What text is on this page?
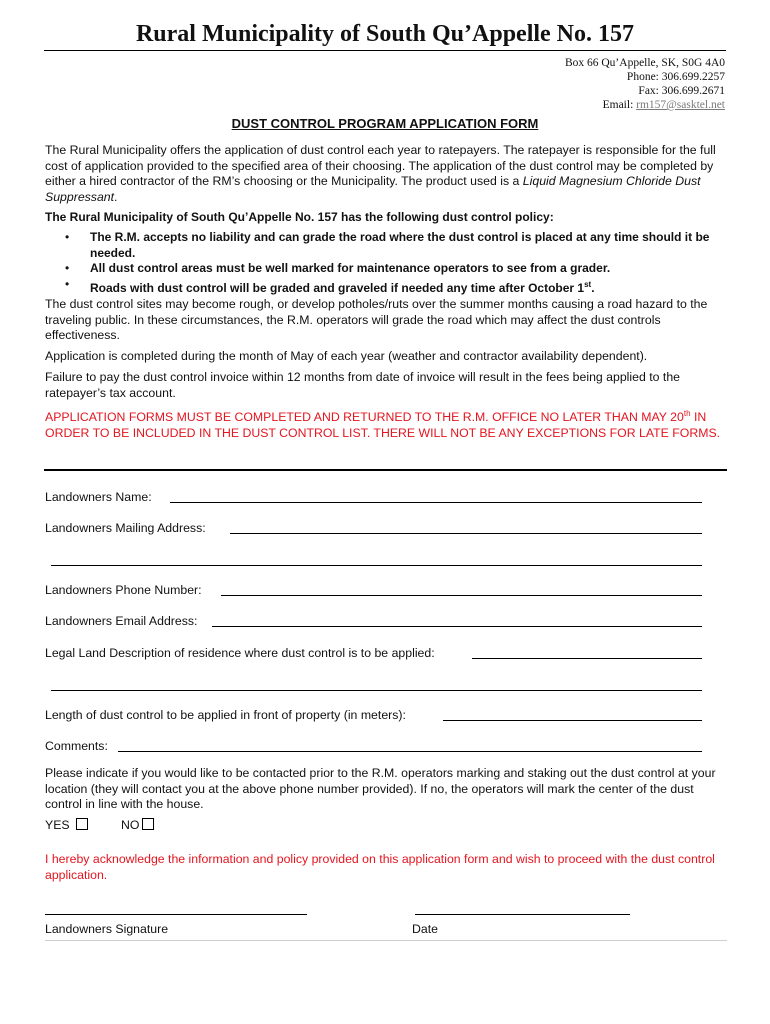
Rural Municipality of South Qu’Appelle No. 157
Box 66 Qu’Appelle, SK, S0G 4A0
Phone: 306.699.2257
Fax: 306.699.2671
Email: rm157@sasktel.net
DUST CONTROL PROGRAM APPLICATION FORM
The Rural Municipality offers the application of dust control each year to ratepayers. The ratepayer is responsible for the full cost of application provided to the specified area of their choosing. The application of the dust control may be completed by either a hired contractor of the RM’s choosing or the Municipality. The product used is a Liquid Magnesium Chloride Dust Suppressant.
The Rural Municipality of South Qu’Appelle No. 157 has the following dust control policy:
• The R.M. accepts no liability and can grade the road where the dust control is placed at any time should it be needed.
• All dust control areas must be well marked for maintenance operators to see from a grader.
• Roads with dust control will be graded and graveled if needed any time after October 1st.
The dust control sites may become rough, or develop potholes/ruts over the summer months causing a road hazard to the traveling public. In these circumstances, the R.M. operators will grade the road which may affect the dust controls effectiveness.
Application is completed during the month of May of each year (weather and contractor availability dependent).
Failure to pay the dust control invoice within 12 months from date of invoice will result in the fees being applied to the ratepayer’s tax account.
APPLICATION FORMS MUST BE COMPLETED AND RETURNED TO THE R.M. OFFICE NO LATER THAN MAY 20th IN ORDER TO BE INCLUDED IN THE DUST CONTROL LIST. THERE WILL NOT BE ANY EXCEPTIONS FOR LATE FORMS.
Landowners Name:
Landowners Mailing Address:
Landowners Phone Number:
Landowners Email Address:
Legal Land Description of residence where dust control is to be applied:
Length of dust control to be applied in front of property (in meters):
Comments:
Please indicate if you would like to be contacted prior to the R.M. operators marking and staking out the dust control at your location (they will contact you at the above phone number provided). If no, the operators will mark the center of the dust control in line with the house.
YES	NO
I hereby acknowledge the information and policy provided on this application form and wish to proceed with the dust control application.
Landowners Signature	Date
